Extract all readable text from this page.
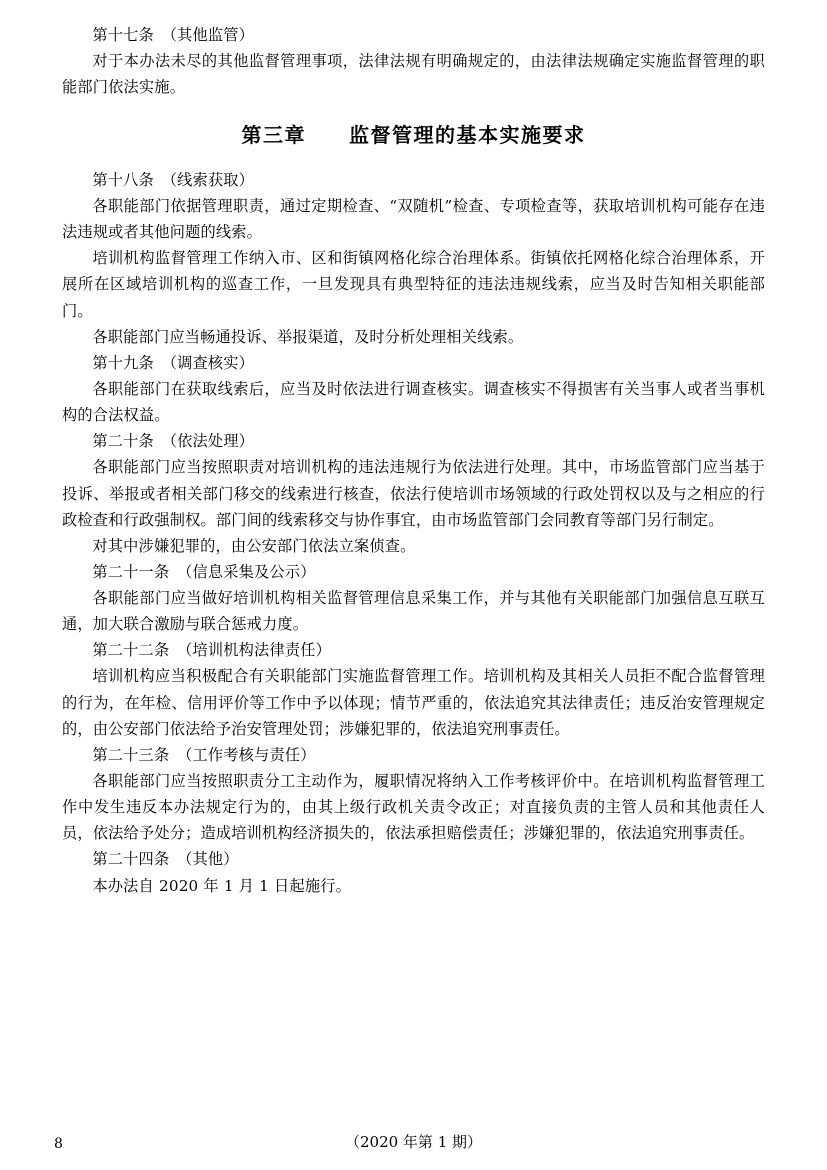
第十七条　（其他监管）

对于本办法未尽的其他监督管理事项，法律法规有明确规定的，由法律法规确定实施监督管理的职能部门依法实施。

第三章　　监督管理的基本实施要求

第十八条　（线索获取）

各职能部门依据管理职责，通过定期检查、“双随机”检查、专项检查等，获取培训机构可能存在违法违规或者其他问题的线索。

培训机构监督管理工作纳入市、区和街镇网格化综合治理体系。街镇依托网格化综合治理体系，开展所在区域培训机构的巡查工作，一旦发现具有典型特征的违法违规线索，应当及时告知相关职能部门。

各职能部门应当畅通投诉、举报渠道，及时分析处理相关线索。

第十九条　（调查核实）

各职能部门在获取线索后，应当及时依法进行调查核实。调查核实不得损害有关当事人或者当事机构的合法权益。

第二十条　（依法处理）

各职能部门应当按照职责对培训机构的违法违规行为依法进行处理。其中，市场监管部门应当基于投诉、举报或者相关部门移交的线索进行核查，依法行使培训市场领域的行政处罚权以及与之相应的行政检查和行政强制权。部门间的线索移交与协作事宜，由市场监管部门会同教育等部门另行制定。

对其中涉嫌犯罪的，由公安部门依法立案侦查。

第二十一条　（信息采集及公示）

各职能部门应当做好培训机构相关监督管理信息采集工作，并与其他有关职能部门加强信息互联互通，加大联合激励与联合惩戒力度。

第二十二条　（培训机构法律责任）

培训机构应当积极配合有关职能部门实施监督管理工作。培训机构及其相关人员拒不配合监督管理的行为，在年检、信用评价等工作中予以体现；情节严重的，依法追究其法律责任；违反治安管理规定的，由公安部门依法给予治安管理处罚；涉嫌犯罪的，依法追究刑事责任。

第二十三条　（工作考核与责任）

各职能部门应当按照职责分工主动作为，履职情况将纳入工作考核评价中。在培训机构监督管理工作中发生违反本办法规定行为的，由其上级行政机关责令改正；对直接负责的主管人员和其他责任人员，依法给予处分；造成培训机构经济损失的，依法承担赔偿责任；涉嫌犯罪的，依法追究刑事责任。

第二十四条　（其他）

本办法自 2020 年 1 月 1 日起施行。

8	（2020 年第 1 期）
